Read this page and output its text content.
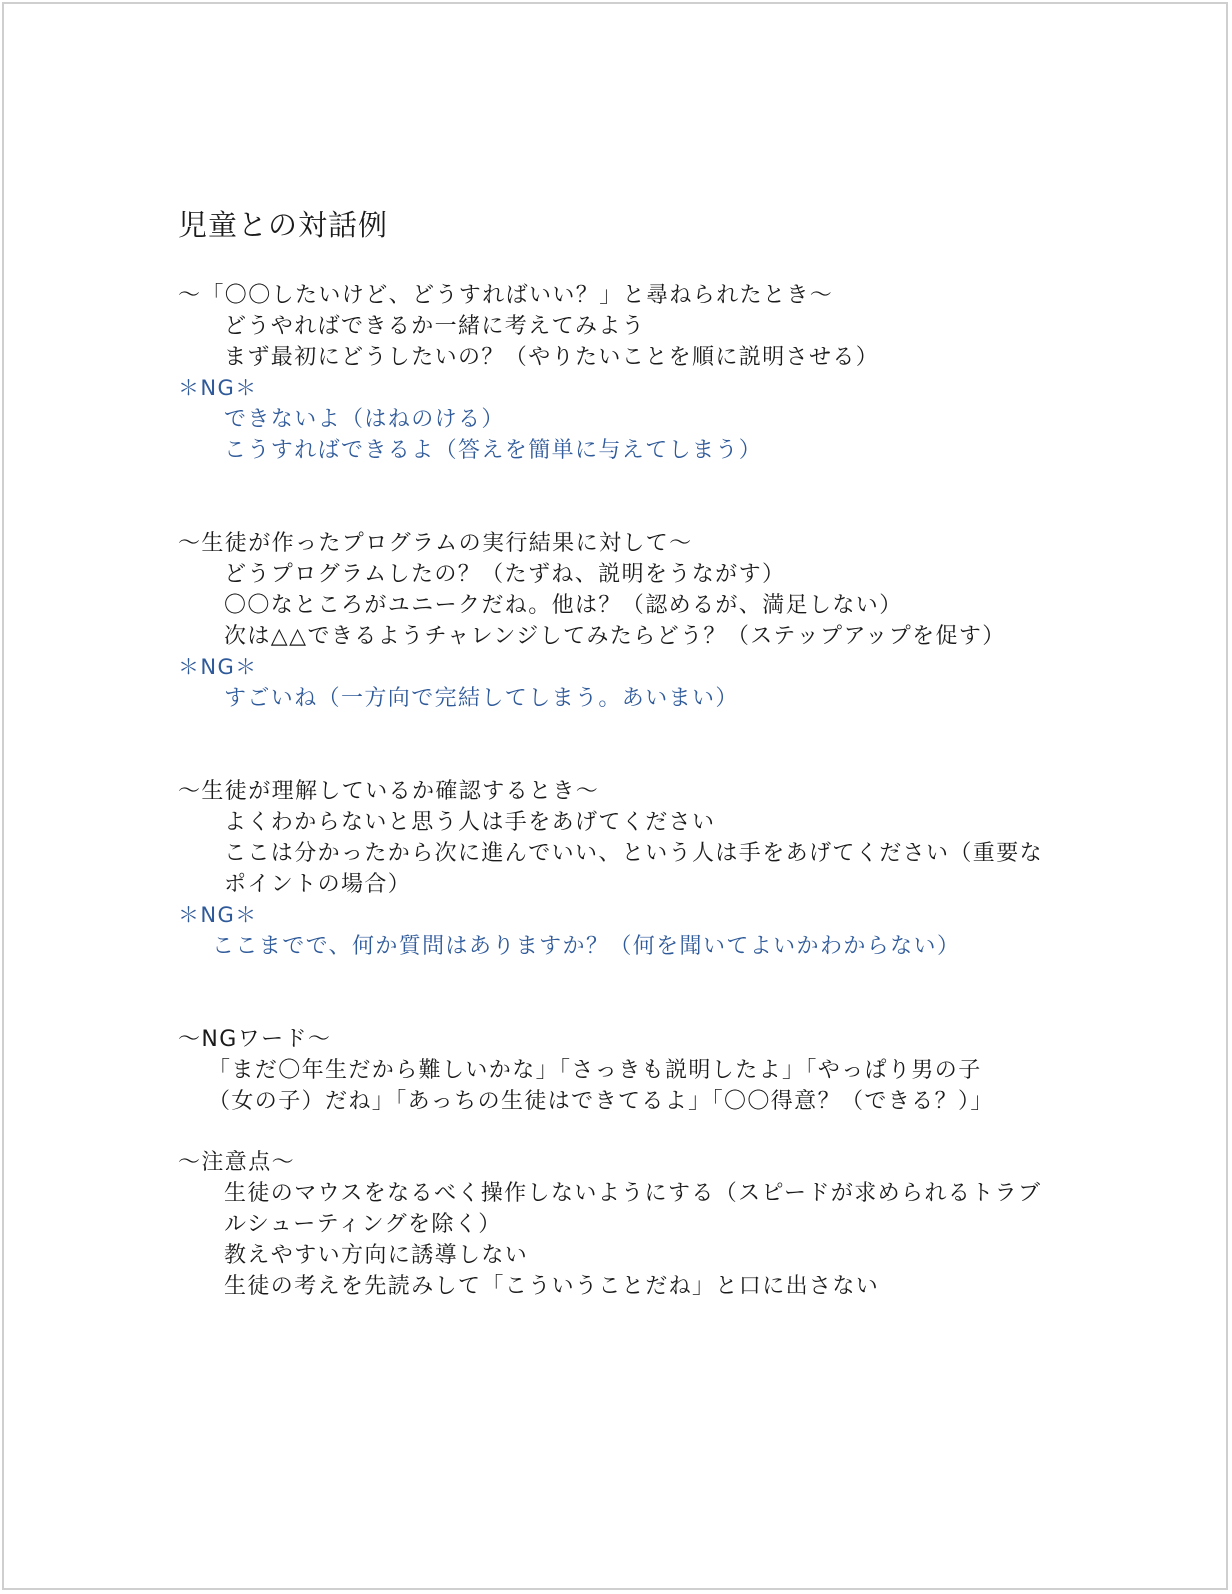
児童との対話例
〜「〇〇したいけど、どうすればいい？」と尋ねられたとき〜
どうやればできるか一緒に考えてみよう
まず最初にどうしたいの？（やりたいことを順に説明させる）
＊NG＊
できないよ（はねのける）
こうすればできるよ（答えを簡単に与えてしまう）
〜生徒が作ったプログラムの実行結果に対して〜
どうプログラムしたの？（たずね、説明をうながす）
〇〇なところがユニークだね。他は？（認めるが、満足しない）
次は△△できるようチャレンジしてみたらどう？（ステップアップを促す）
＊NG＊
すごいね（一方向で完結してしまう。あいまい）
〜生徒が理解しているか確認するとき〜
よくわからないと思う人は手をあげてください
ここは分かったから次に進んでいい、という人は手をあげてください（重要な
ポイントの場合）
＊NG＊
ここまでで、何か質問はありますか？（何を聞いてよいかわからない）
〜NGワード〜
「まだ〇年生だから難しいかな」「さっきも説明したよ」「やっぱり男の子
（女の子）だね」「あっちの生徒はできてるよ」「〇〇得意？（できる？）」
〜注意点〜
生徒のマウスをなるべく操作しないようにする（スピードが求められるトラブ
ルシューティングを除く）
教えやすい方向に誘導しない
生徒の考えを先読みして「こういうことだね」と口に出さない
